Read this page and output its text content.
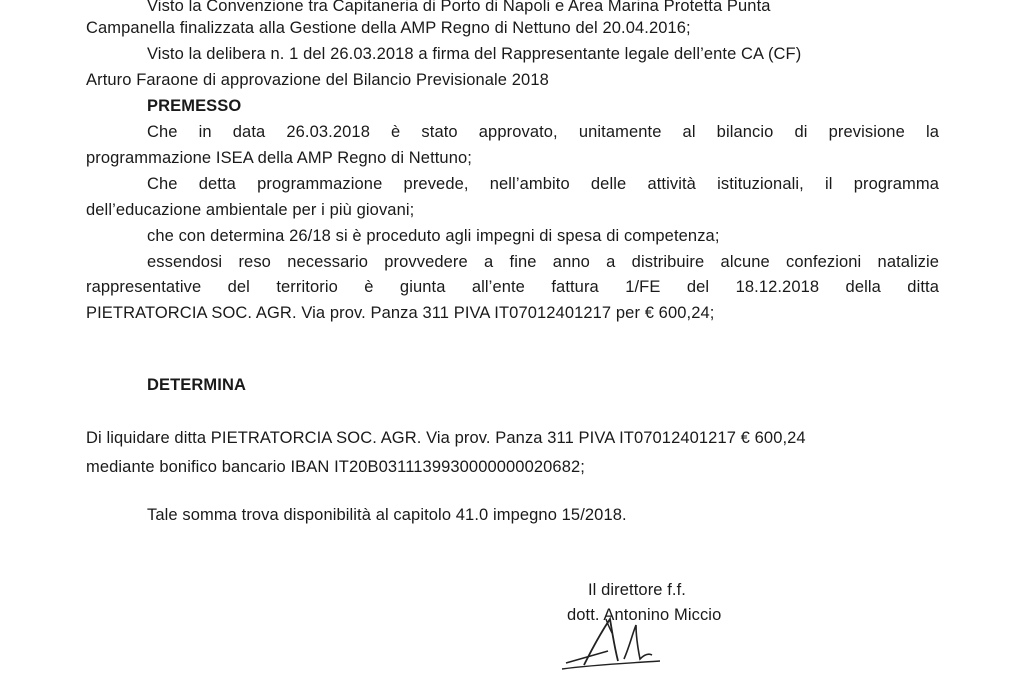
Visto la Convenzione tra Capitaneria di Porto di Napoli e Area Marina Protetta Punta
Campanella finalizzata alla Gestione della AMP Regno di Nettuno del 20.04.2016;
Visto la delibera n. 1 del 26.03.2018 a firma del Rappresentante legale dell’ente CA (CF)
Arturo Faraone di approvazione del Bilancio Previsionale 2018
PREMESSO
Che in data 26.03.2018 è stato approvato, unitamente al bilancio di previsione la
programmazione ISEA della AMP Regno di Nettuno;
Che detta programmazione prevede, nell’ambito delle attività istituzionali, il programma
dell’educazione ambientale per i più giovani;
che con determina 26/18 si è proceduto agli impegni di spesa di competenza;
essendosi reso necessario provvedere a fine anno a distribuire alcune confezioni natalizie
rappresentative del territorio è giunta all’ente fattura 1/FE del 18.12.2018 della ditta
PIETRATORCIA SOC. AGR. Via prov. Panza 311 PIVA IT07012401217 per € 600,24;
DETERMINA
Di liquidare ditta PIETRATORCIA SOC. AGR. Via prov. Panza 311 PIVA IT07012401217 € 600,24
mediante bonifico bancario IBAN IT20B0311139930000000020682;
Tale somma trova disponibilità al capitolo 41.0 impegno 15/2018.
Il direttore f.f.
dott. Antonino Miccio
